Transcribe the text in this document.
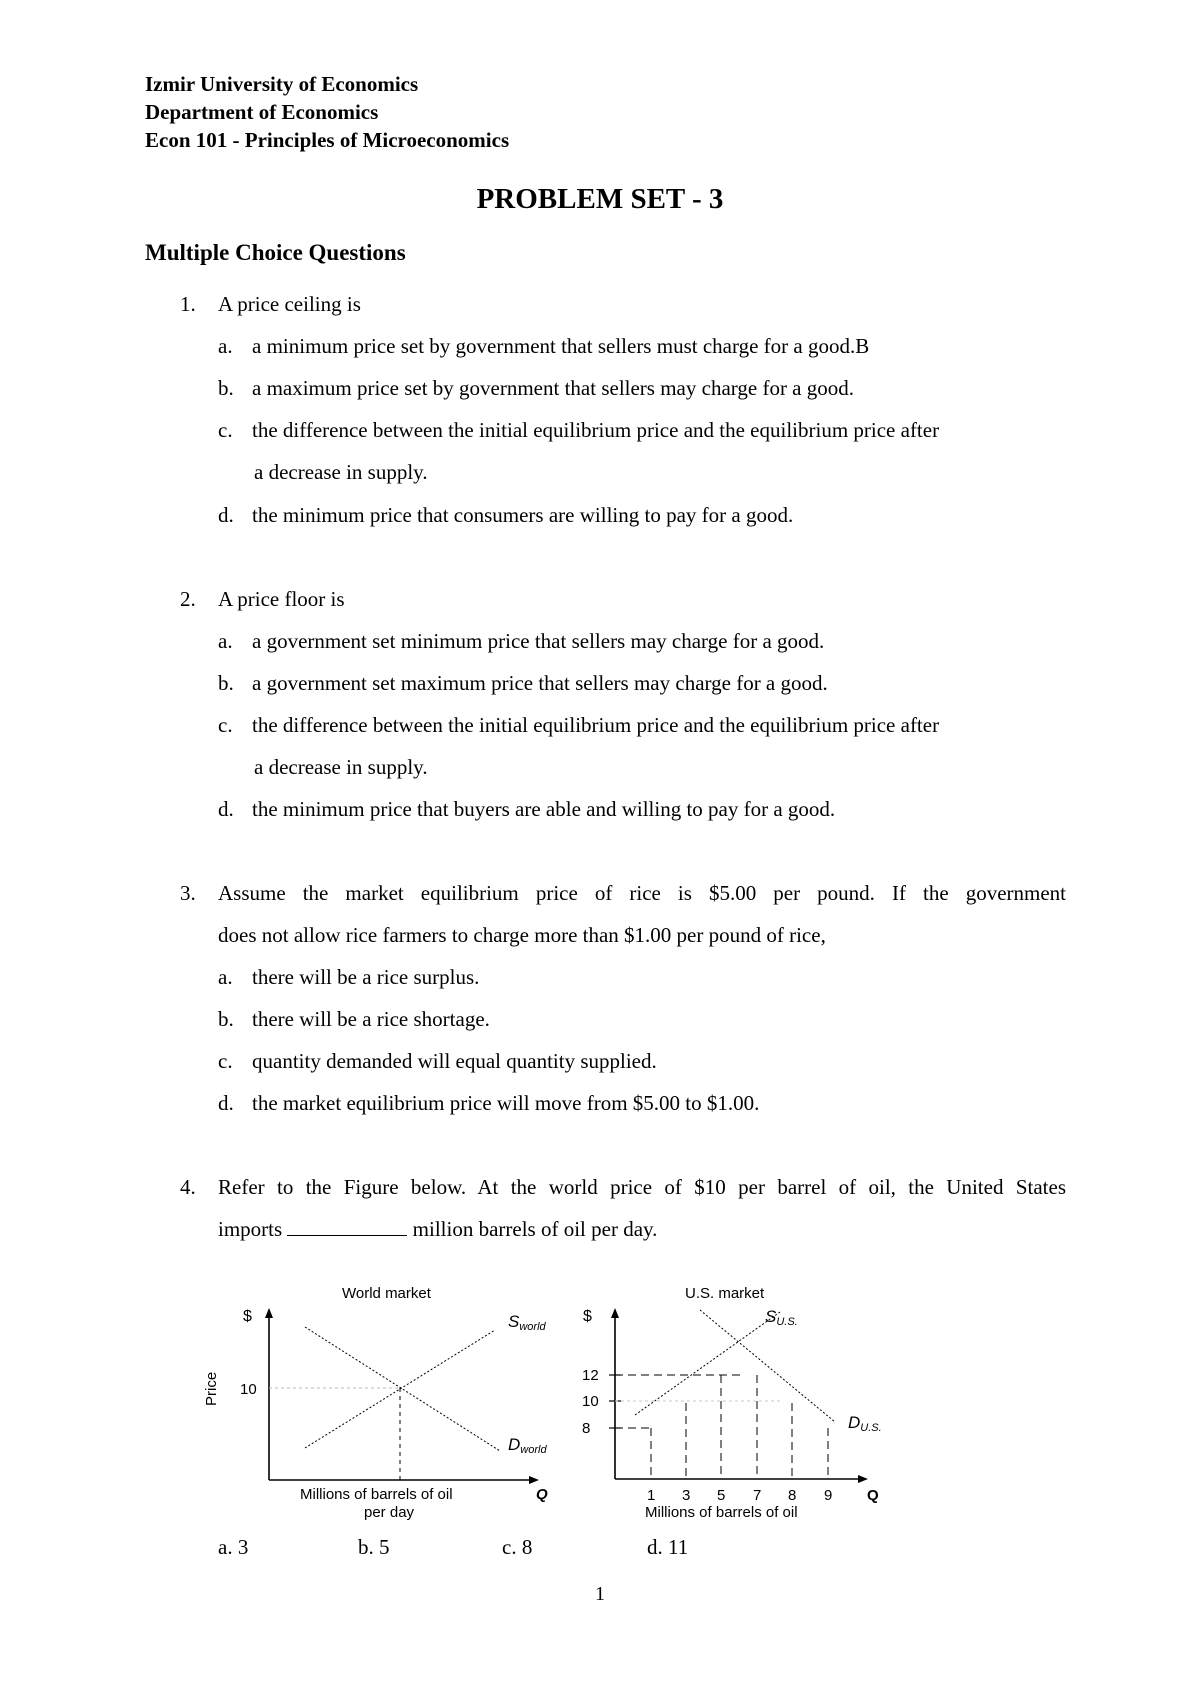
Izmir University of Economics
Department of Economics
Econ 101 - Principles of Microeconomics
PROBLEM SET - 3
Multiple Choice Questions
1. A price ceiling is
a. a minimum price set by government that sellers must charge for a good.B
b. a maximum price set by government that sellers may charge for a good.
c. the difference between the initial equilibrium price and the equilibrium price after
a decrease in supply.
d. the minimum price that consumers are willing to pay for a good.
2. A price floor is
a. a government set minimum price that sellers may charge for a good.
b. a government set maximum price that sellers may charge for a good.
c. the difference between the initial equilibrium price and the equilibrium price after
a decrease in supply.
d. the minimum price that buyers are able and willing to pay for a good.
3. Assume the market equilibrium price of rice is $5.00 per pound. If the government
does not allow rice farmers to charge more than $1.00 per pound of rice,
a. there will be a rice surplus.
b. there will be a rice shortage.
c. quantity demanded will equal quantity supplied.
d. the market equilibrium price will move from $5.00 to $1.00.
4. Refer to the Figure below. At the world price of $10 per barrel of oil, the United States
imports	million barrels of oil per day.
World market
$
Price 10
Sworld
Dworld
Millions of barrels of oil
per day
Q
U.S. market
$
12
10
8
1 3 5 7 8 9
SU.S.
DU.S.
Millions of barrels of oil
Q
a. 3	b. 5	c. 8	d. 11
1
